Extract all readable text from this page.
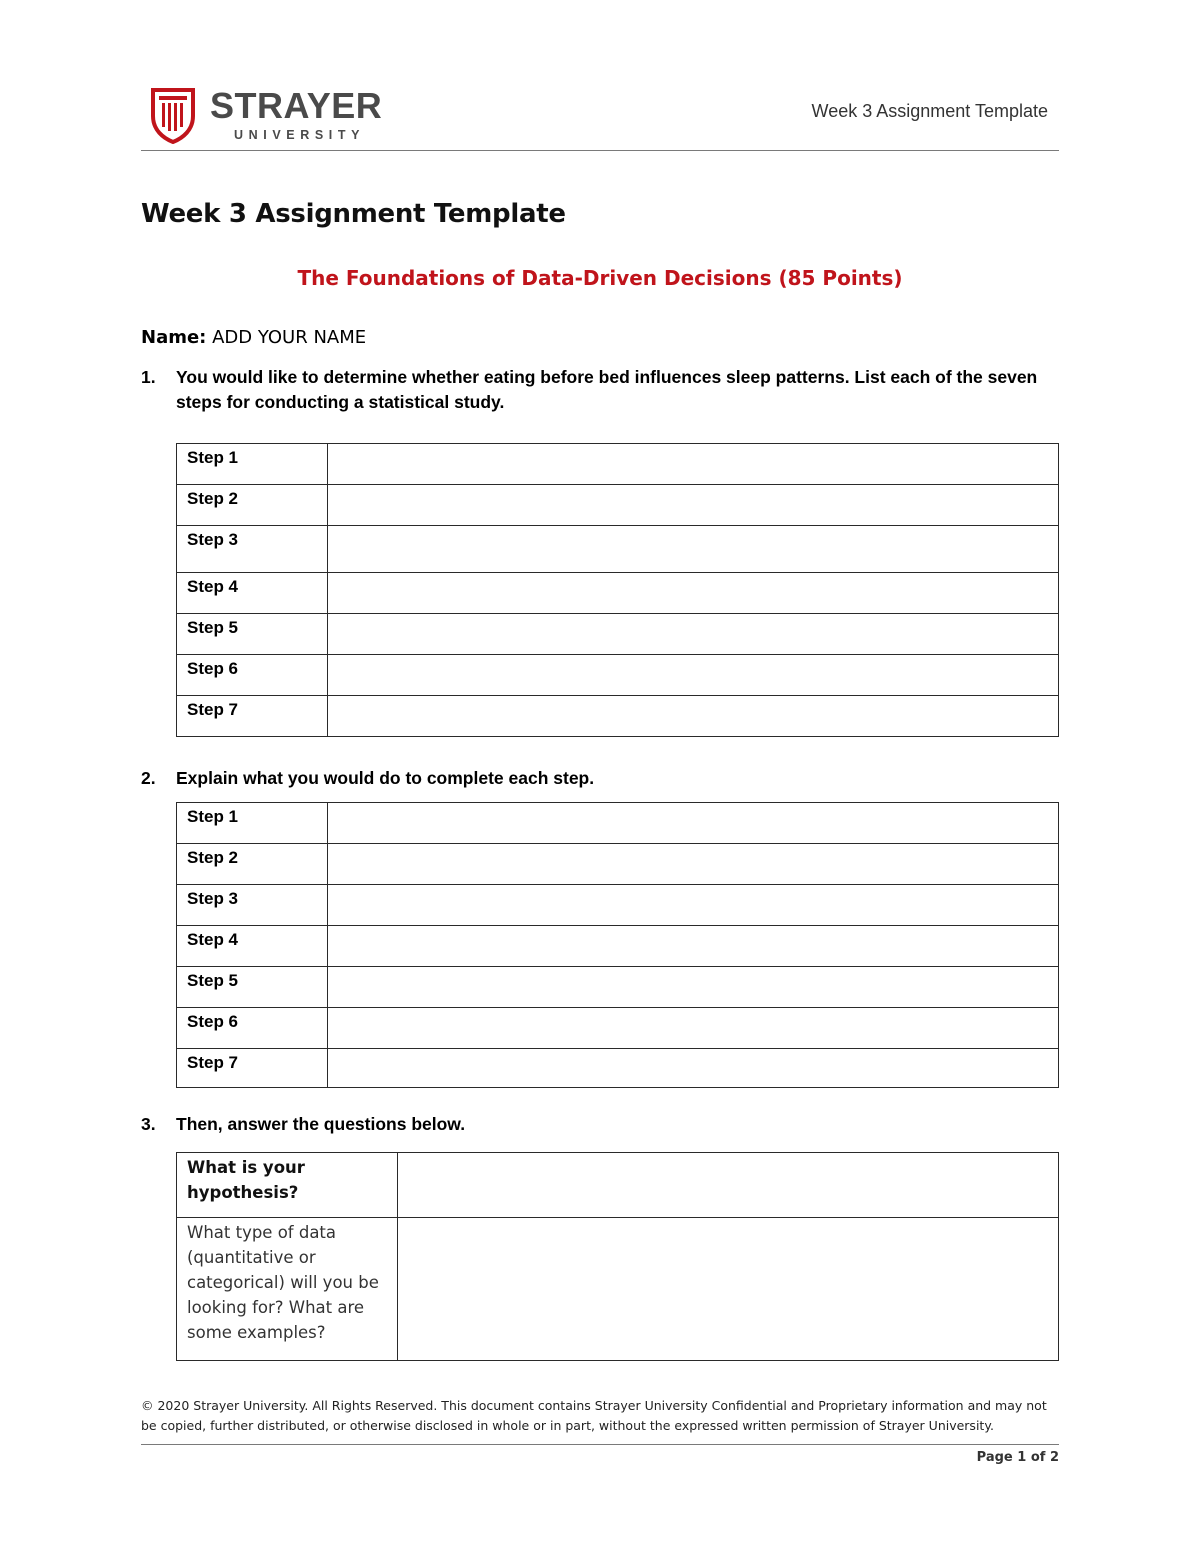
STRAYER
UNIVERSITY
Week 3 Assignment Template
Week 3 Assignment Template
The Foundations of Data-Driven Decisions (85 Points)
Name: ADD YOUR NAME
1. You would like to determine whether eating before bed influences sleep patterns. List each of the seven steps for conducting a statistical study.
Step 1	
Step 2	
Step 3	
Step 4	
Step 5	
Step 6	
Step 7	
2. Explain what you would do to complete each step.
Step 1	
Step 2	
Step 3	
Step 4	
Step 5	
Step 6	
Step 7	
3. Then, answer the questions below.
What is your hypothesis?	
What type of data (quantitative or categorical) will you be looking for? What are some examples?	
© 2020 Strayer University. All Rights Reserved. This document contains Strayer University Confidential and Proprietary information and may not be copied, further distributed, or otherwise disclosed in whole or in part, without the expressed written permission of Strayer University.
Page 1 of 2
